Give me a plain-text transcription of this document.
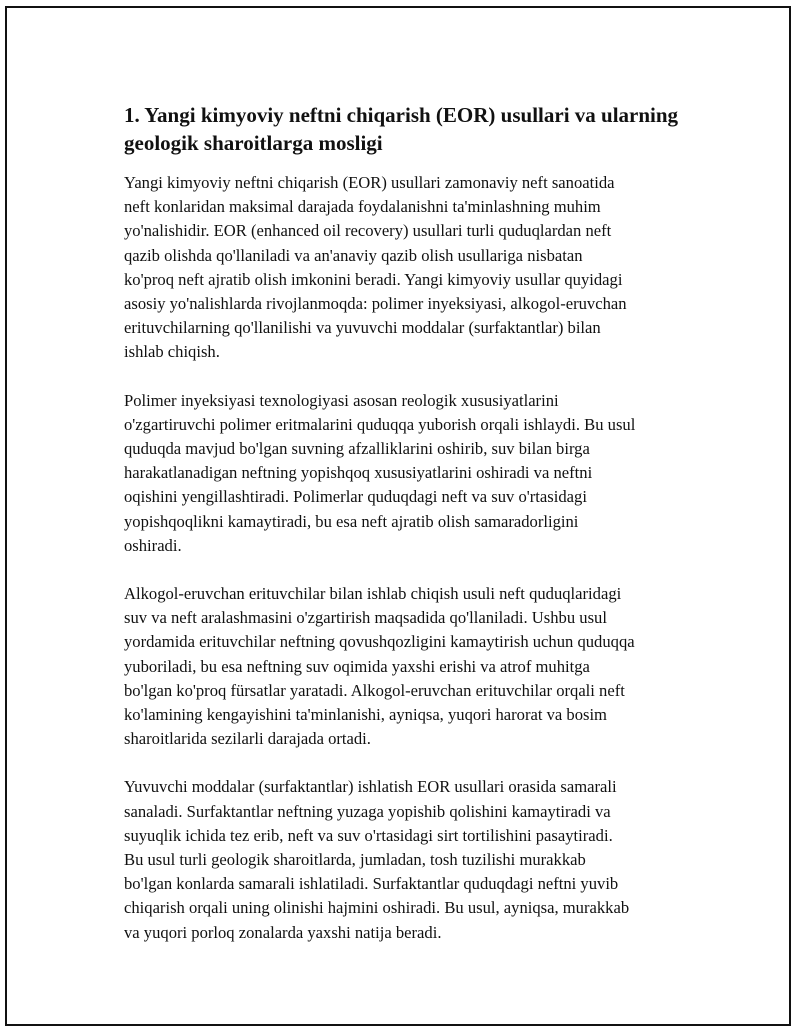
1. Yangi kimyoviy neftni chiqarish (EOR) usullari va ularning
geologik sharoitlarga mosligi

Yangi kimyoviy neftni chiqarish (EOR) usullari zamonaviy neft sanoatida
neft konlaridan maksimal darajada foydalanishni ta'minlashning muhim
yo'nalishidir. EOR (enhanced oil recovery) usullari turli quduqlardan neft
qazib olishda qo'llaniladi va an'anaviy qazib olish usullariga nisbatan
ko'proq neft ajratib olish imkonini beradi. Yangi kimyoviy usullar quyidagi
asosiy yo'nalishlarda rivojlanmoqda: polimer inyeksiyasi, alkogol-eruvchan
erituvchilarning qo'llanilishi va yuvuvchi moddalar (surfaktantlar) bilan
ishlab chiqish.

Polimer inyeksiyasi texnologiyasi asosan reologik xususiyatlarini
o'zgartiruvchi polimer eritmalarini quduqqa yuborish orqali ishlaydi. Bu usul
quduqda mavjud bo'lgan suvning afzalliklarini oshirib, suv bilan birga
harakatlanadigan neftning yopishqoq xususiyatlarini oshiradi va neftni
oqishini yengillashtiradi. Polimerlar quduqdagi neft va suv o'rtasidagi
yopishqoqlikni kamaytiradi, bu esa neft ajratib olish samaradorligini
oshiradi.

Alkogol-eruvchan erituvchilar bilan ishlab chiqish usuli neft quduqlaridagi
suv va neft aralashmasini o'zgartirish maqsadida qo'llaniladi. Ushbu usul
yordamida erituvchilar neftning qovushqozligini kamaytirish uchun quduqqa
yuboriladi, bu esa neftning suv oqimida yaxshi erishi va atrof muhitga
bo'lgan ko'proq fürsatlar yaratadi. Alkogol-eruvchan erituvchilar orqali neft
ko'lamining kengayishini ta'minlanishi, ayniqsa, yuqori harorat va bosim
sharoitlarida sezilarli darajada ortadi.

Yuvuvchi moddalar (surfaktantlar) ishlatish EOR usullari orasida samarali
sanaladi. Surfaktantlar neftning yuzaga yopishib qolishini kamaytiradi va
suyuqlik ichida tez erib, neft va suv o'rtasidagi sirt tortilishini pasaytiradi.
Bu usul turli geologik sharoitlarda, jumladan, tosh tuzilishi murakkab
bo'lgan konlarda samarali ishlatiladi. Surfaktantlar quduqdagi neftni yuvib
chiqarish orqali uning olinishi hajmini oshiradi. Bu usul, ayniqsa, murakkab
va yuqori porloq zonalarda yaxshi natija beradi.
